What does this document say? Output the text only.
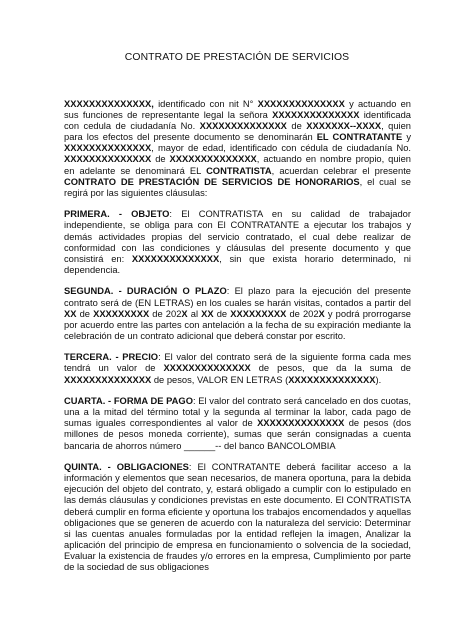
CONTRATO DE PRESTACIÓN DE SERVICIOS

XXXXXXXXXXXXXX, identificado con nit N° XXXXXXXXXXXXXX y actuando en sus funciones de representante legal la señora XXXXXXXXXXXXXX identificada con cedula de ciudadanía No. XXXXXXXXXXXXXX de XXXXXXX--XXXX, quien para los efectos del presente documento se denominarán EL CONTRATANTE y XXXXXXXXXXXXXX, mayor de edad, identificado con cédula de ciudadanía No. XXXXXXXXXXXXXX de XXXXXXXXXXXXXX, actuando en nombre propio, quien en adelante se denominará EL CONTRATISTA, acuerdan celebrar el presente CONTRATO DE PRESTACIÓN DE SERVICIOS DE HONORARIOS, el cual se regirá por las siguientes cláusulas:

PRIMERA. - OBJETO: El CONTRATISTA en su calidad de trabajador independiente, se obliga para con El CONTRATANTE a ejecutar los trabajos y demás actividades propias del servicio contratado, el cual debe realizar de conformidad con las condiciones y cláusulas del presente documento y que consistirá en: XXXXXXXXXXXXXX, sin que exista horario determinado, ni dependencia.

SEGUNDA. - DURACIÓN O PLAZO: El plazo para la ejecución del presente contrato será de (EN LETRAS) en los cuales se harán visitas, contados a partir del XX de XXXXXXXXX de 202X al XX de XXXXXXXXX de 202X y podrá prorrogarse por acuerdo entre las partes con antelación a la fecha de su expiración mediante la celebración de un contrato adicional que deberá constar por escrito.

TERCERA. - PRECIO: El valor del contrato será de la siguiente forma cada mes tendrá un valor de XXXXXXXXXXXXXX de pesos, que da la suma de XXXXXXXXXXXXXX de pesos, VALOR EN LETRAS (XXXXXXXXXXXXXX).

CUARTA. - FORMA DE PAGO: El valor del contrato será cancelado en dos cuotas, una a la mitad del término total y la segunda al terminar la labor, cada pago de sumas iguales correspondientes al valor de XXXXXXXXXXXXXX de pesos (dos millones de pesos moneda corriente), sumas que serán consignadas a cuenta bancaria de ahorros número ______-- del banco BANCOLOMBIA

QUINTA. - OBLIGACIONES: El CONTRATANTE deberá facilitar acceso a la información y elementos que sean necesarios, de manera oportuna, para la debida ejecución del objeto del contrato, y, estará obligado a cumplir con lo estipulado en las demás cláusulas y condiciones previstas en este documento. El CONTRATISTA deberá cumplir en forma eficiente y oportuna los trabajos encomendados y aquellas obligaciones que se generen de acuerdo con la naturaleza del servicio: Determinar si las cuentas anuales formuladas por la entidad reflejen la imagen, Analizar la aplicación del principio de empresa en funcionamiento o solvencia de la sociedad, Evaluar la existencia de fraudes y/o errores en la empresa, Cumplimiento por parte de la sociedad de sus obligaciones
